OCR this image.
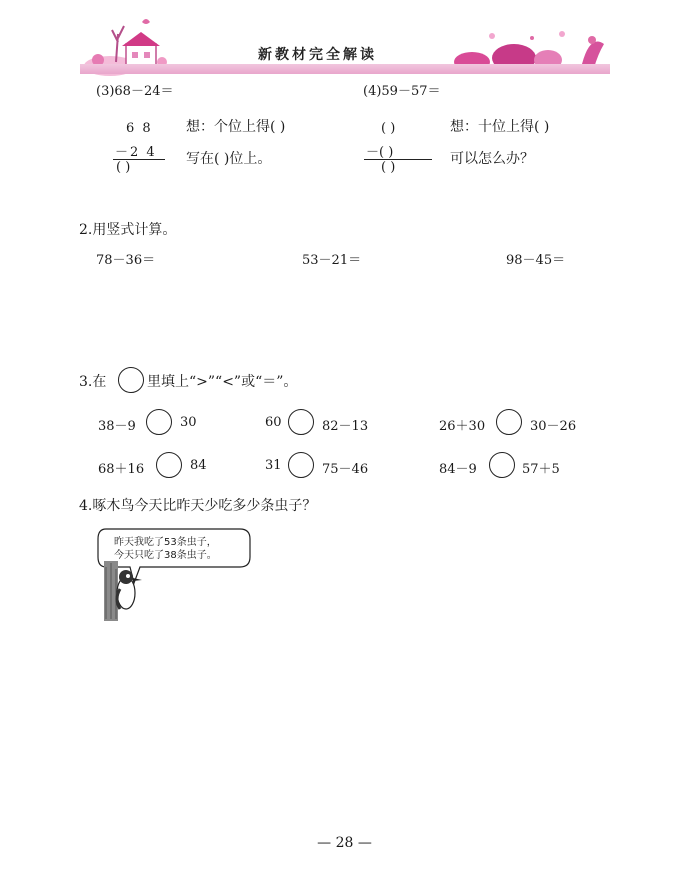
新教材完全解读
(3)68－24＝
6 8
－2 4
( )
想：个位上得( )
写在( )位上。
(4)59－57＝
( )
－( )
( )
想：十位上得( )
可以怎么办？
2.用竖式计算。
78－36＝	53－21＝	98－45＝
3.在	里填上“>”“<”或“＝”。
38－9	30	60	82－13	26＋30	30－26
68＋16	84	31	75－46	84－9	57＋5
4.啄木鸟今天比昨天少吃多少条虫子？
昨天我吃了53条虫子，
今天只吃了38条虫子。
— 28 —
